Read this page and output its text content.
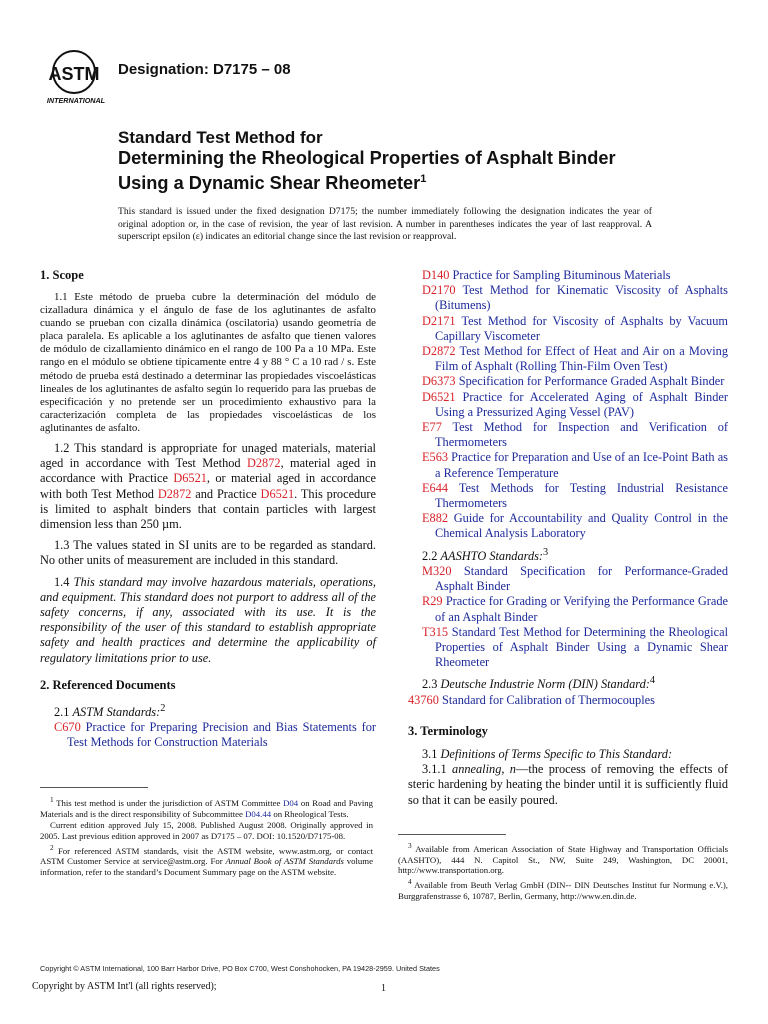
ASTM
INTERNATIONAL
Designation: D7175 – 08
Standard Test Method for
Determining the Rheological Properties of Asphalt Binder
Using a Dynamic Shear Rheometer$^1$
This standard is issued under the fixed designation D7175; the number immediately following the designation indicates the year of original adoption or, in the case of revision, the year of last revision. A number in parentheses indicates the year of last reapproval. A superscript epsilon (ε) indicates an editorial change since the last revision or reapproval.
1. Scope

1.1 Este método de prueba cubre la determinación del módulo de cizalladura dinámica y el ángulo de fase de los aglutinantes de asfalto cuando se prueban con cizalla dinámica (oscilatoria) usando geometría de placa paralela. Es aplicable a los aglutinantes de asfalto que tienen valores de módulo de cizallamiento dinámico en el rango de 100 Pa a 10 MPa. Este rango en el módulo se obtiene típicamente entre 4 y 88 ° C a 10 rad / s. Este método de prueba está destinado a determinar las propiedades viscoelásticas lineales de los aglutinantes de asfalto según lo requerido para las pruebas de especificación y no pretende ser un procedimiento exhaustivo para la caracterización completa de las propiedades viscoelásticas de los aglutinantes de asfalto.

1.2 This standard is appropriate for unaged materials, material aged in accordance with Test Method D2872, material aged in accordance with Practice D6521, or material aged in accordance with both Test Method D2872 and Practice D6521. This procedure is limited to asphalt binders that contain particles with largest dimension less than 250 µm.

1.3 The values stated in SI units are to be regarded as standard. No other units of measurement are included in this standard.

1.4 This standard may involve hazardous materials, operations, and equipment. This standard does not purport to address all of the safety concerns, if any, associated with its use. It is the responsibility of the user of this standard to establish appropriate safety and health practices and determine the applicability of regulatory limitations prior to use.

2. Referenced Documents

2.1 ASTM Standards:$^2$

C670 Practice for Preparing Precision and Bias Statements for Test Methods for Construction Materials

D140 Practice for Sampling Bituminous Materials

D2170 Test Method for Kinematic Viscosity of Asphalts (Bitumens)

D2171 Test Method for Viscosity of Asphalts by Vacuum Capillary Viscometer

D2872 Test Method for Effect of Heat and Air on a Moving Film of Asphalt (Rolling Thin-Film Oven Test)

D6373 Specification for Performance Graded Asphalt Binder

D6521 Practice for Accelerated Aging of Asphalt Binder Using a Pressurized Aging Vessel (PAV)

E77 Test Method for Inspection and Verification of Thermometers

E563 Practice for Preparation and Use of an Ice-Point Bath as a Reference Temperature

E644 Test Methods for Testing Industrial Resistance Thermometers

E882 Guide for Accountability and Quality Control in the Chemical Analysis Laboratory

2.2 AASHTO Standards:$^3$

M320 Standard Specification for Performance-Graded Asphalt Binder

R29 Practice for Grading or Verifying the Performance Grade of an Asphalt Binder

T315 Standard Test Method for Determining the Rheological Properties of Asphalt Binder Using a Dynamic Shear Rheometer

2.3 Deutsche Industrie Norm (DIN) Standard:$^4$

43760 Standard for Calibration of Thermocouples

3. Terminology

3.1 Definitions of Terms Specific to This Standard:

3.1.1 annealing, n—the process of removing the effects of steric hardening by heating the binder until it is sufficiently fluid so that it can be easily poured.

$^1$ This test method is under the jurisdiction of ASTM Committee D04 on Road and Paving Materials and is the direct responsibility of Subcommittee D04.44 on Rheological Tests.

Current edition approved July 15, 2008. Published August 2008. Originally approved in 2005. Last previous edition approved in 2007 as D7175 – 07. DOI: 10.1520/D7175-08.

$^2$ For referenced ASTM standards, visit the ASTM website, www.astm.org, or contact ASTM Customer Service at service@astm.org. For Annual Book of ASTM Standards volume information, refer to the standard’s Document Summary page on the ASTM website.

$^3$ Available from American Association of State Highway and Transportation Officials (AASHTO), 444 N. Capitol St., NW, Suite 249, Washington, DC 20001, http://www.transportation.org.

$^4$ Available from Beuth Verlag GmbH (DIN-- DIN Deutsches Institut fur Normung e.V.), Burggrafenstrasse 6, 10787, Berlin, Germany, http://www.en.din.de.

Copyright © ASTM International, 100 Barr Harbor Drive, PO Box C700, West Conshohocken, PA 19428-2959. United States
Copyright by ASTM Int'l (all rights reserved);	1
